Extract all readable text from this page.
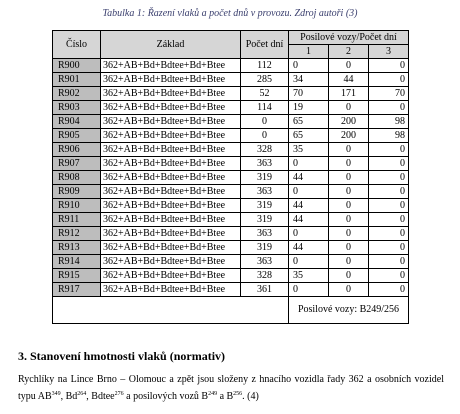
Tabulka 1: Řazení vlaků a počet dnů v provozu. Zdroj autoři (3)
Číslo	Základ	Počet dní	Posilové vozy/Počet dní		
			1	2	3
R900	362+AB+Bd+Bdtee+Bd+Btee	112	0	0	0
R901	362+AB+Bd+Bdtee+Bd+Btee	285	34	44	0
R902	362+AB+Bd+Bdtee+Bd+Btee	52	70	171	70
R903	362+AB+Bd+Bdtee+Bd+Btee	114	19	0	0
R904	362+AB+Bd+Bdtee+Bd+Btee	0	65	200	98
R905	362+AB+Bd+Bdtee+Bd+Btee	0	65	200	98
R906	362+AB+Bd+Bdtee+Bd+Btee	328	35	0	0
R907	362+AB+Bd+Bdtee+Bd+Btee	363	0	0	0
R908	362+AB+Bd+Bdtee+Bd+Btee	319	44	0	0
R909	362+AB+Bd+Bdtee+Bd+Btee	363	0	0	0
R910	362+AB+Bd+Bdtee+Bd+Btee	319	44	0	0
R911	362+AB+Bd+Bdtee+Bd+Btee	319	44	0	0
R912	362+AB+Bd+Bdtee+Bd+Btee	363	0	0	0
R913	362+AB+Bd+Bdtee+Bd+Btee	319	44	0	0
R914	362+AB+Bd+Bdtee+Bd+Btee	363	0	0	0
R915	362+AB+Bd+Bdtee+Bd+Btee	328	35	0	0
R917	362+AB+Bd+Bdtee+Bd+Btee	361	0	0	0
			Posilové vozy: B249/256		
3. Stanovení hmotnosti vlaků (normativ)
Rychlíky na Lince Brno – Olomouc a zpět jsou složeny z hnacího vozidla řady 362 a osobních vozidel typu AB$^{349}$, Bd$^{264}$, Bdtee$^{276}$ a posilových vozů $B^{249}$ a $B^{256}$. (4)
